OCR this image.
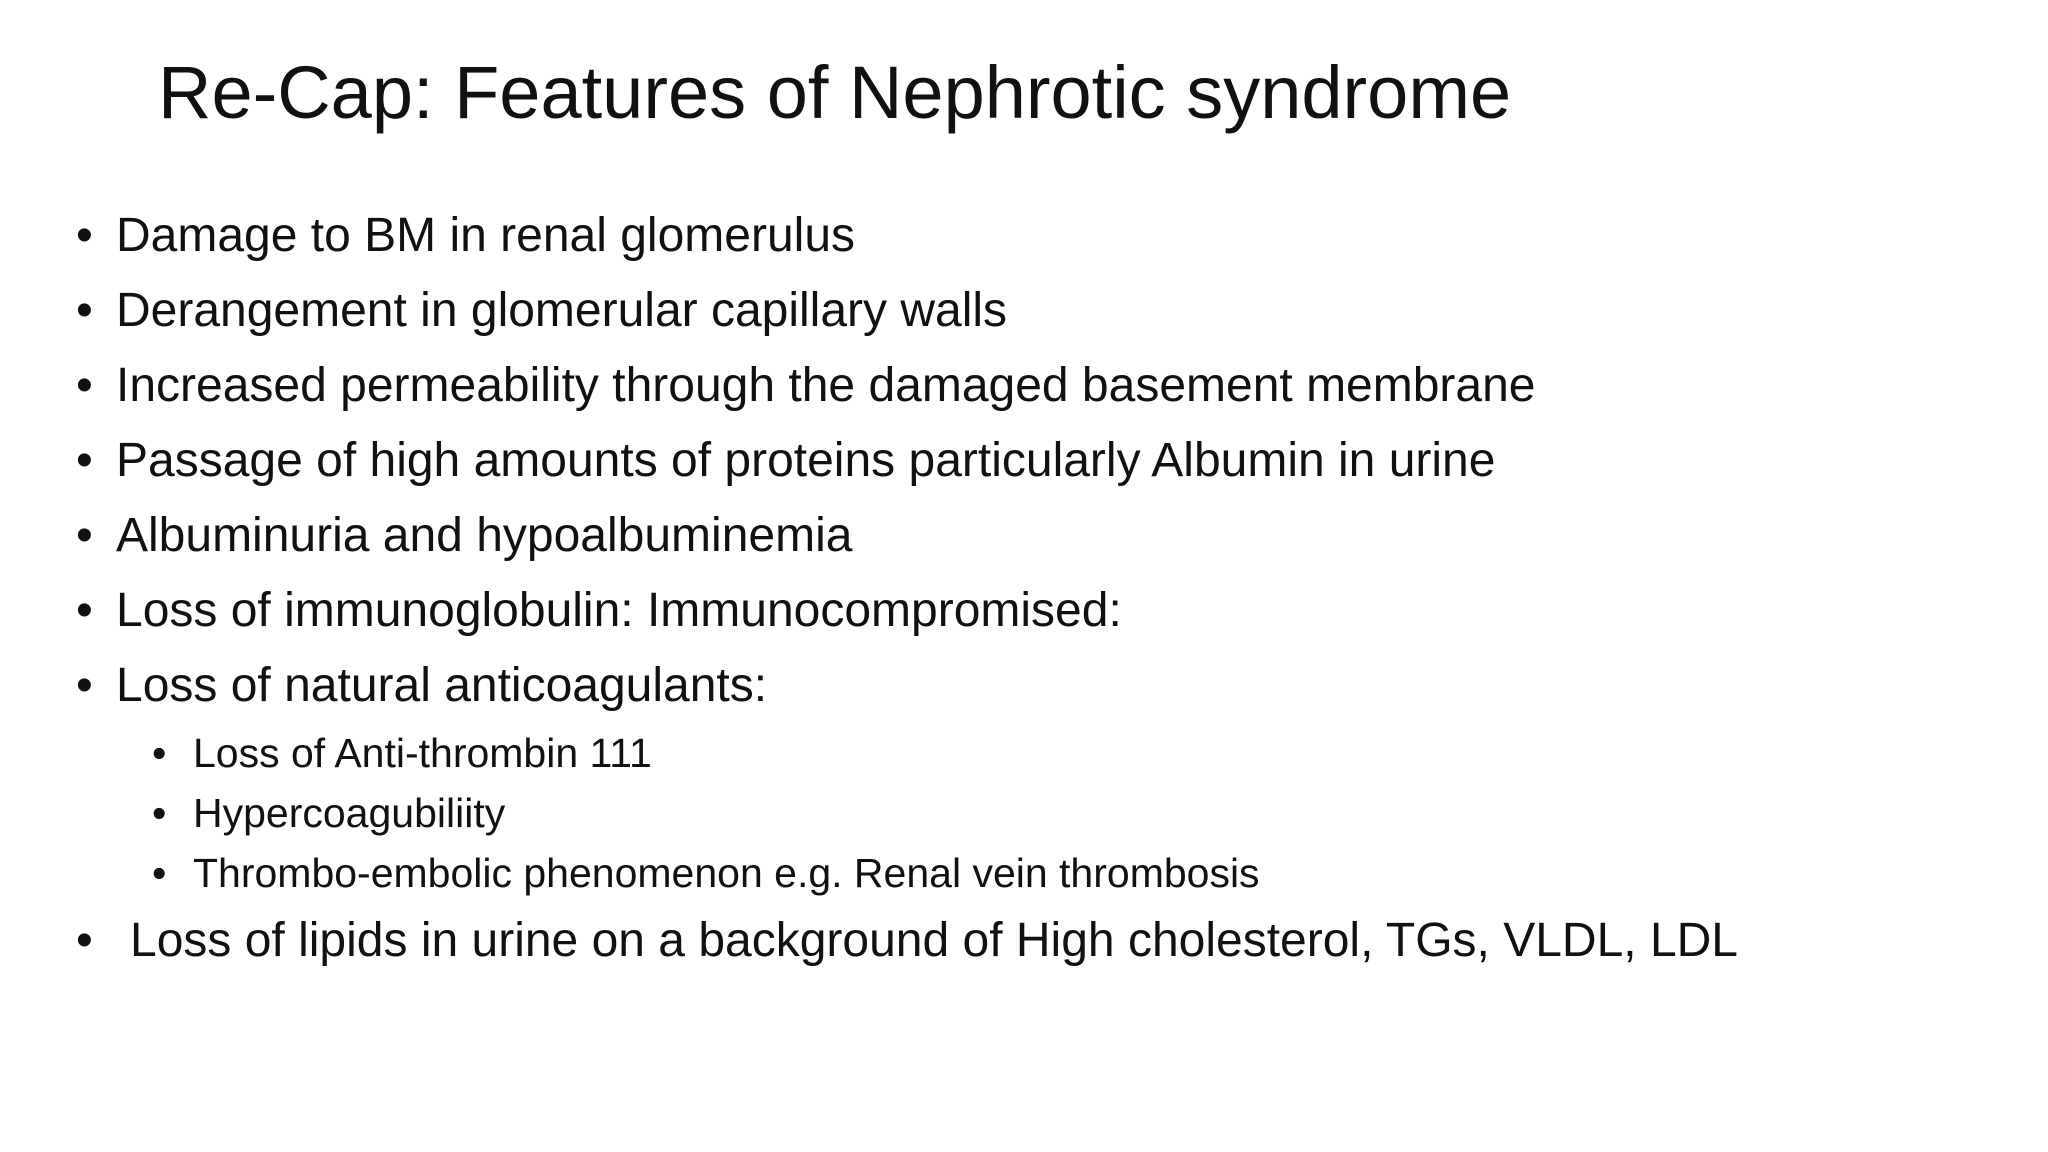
Re-Cap: Features of Nephrotic syndrome
• Damage to BM in renal glomerulus
• Derangement in glomerular capillary walls
• Increased permeability through the damaged basement membrane
• Passage of high amounts of proteins particularly Albumin in urine
• Albuminuria and hypoalbuminemia
• Loss of immunoglobulin: Immunocompromised:
• Loss of natural anticoagulants:
• Loss of Anti-thrombin 111
• Hypercoagubiliity
• Thrombo-embolic phenomenon e.g. Renal vein thrombosis
• Loss of lipids in urine on a background of High cholesterol, TGs, VLDL, LDL
